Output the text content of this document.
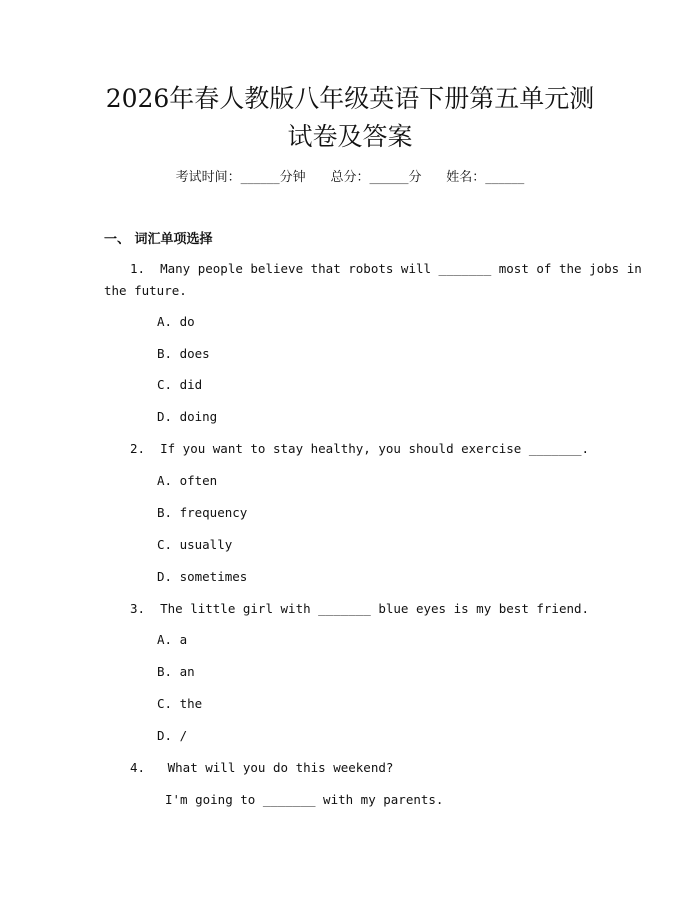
2026年春人教版八年级英语下册第五单元测
试卷及答案
考试时间：______分钟 总分：______分 姓名：______
一、 词汇单项选择
1.  Many people believe that robots will _______ most of the jobs in
the future.
A. do
B. does
C. did
D. doing
2.  If you want to stay healthy, you should exercise _______.
A. often
B. frequency
C. usually
D. sometimes
3.  The little girl with _______ blue eyes is my best friend.
A. a
B. an
C. the
D. /
4.   What will you do this weekend?
I'm going to _______ with my parents.
